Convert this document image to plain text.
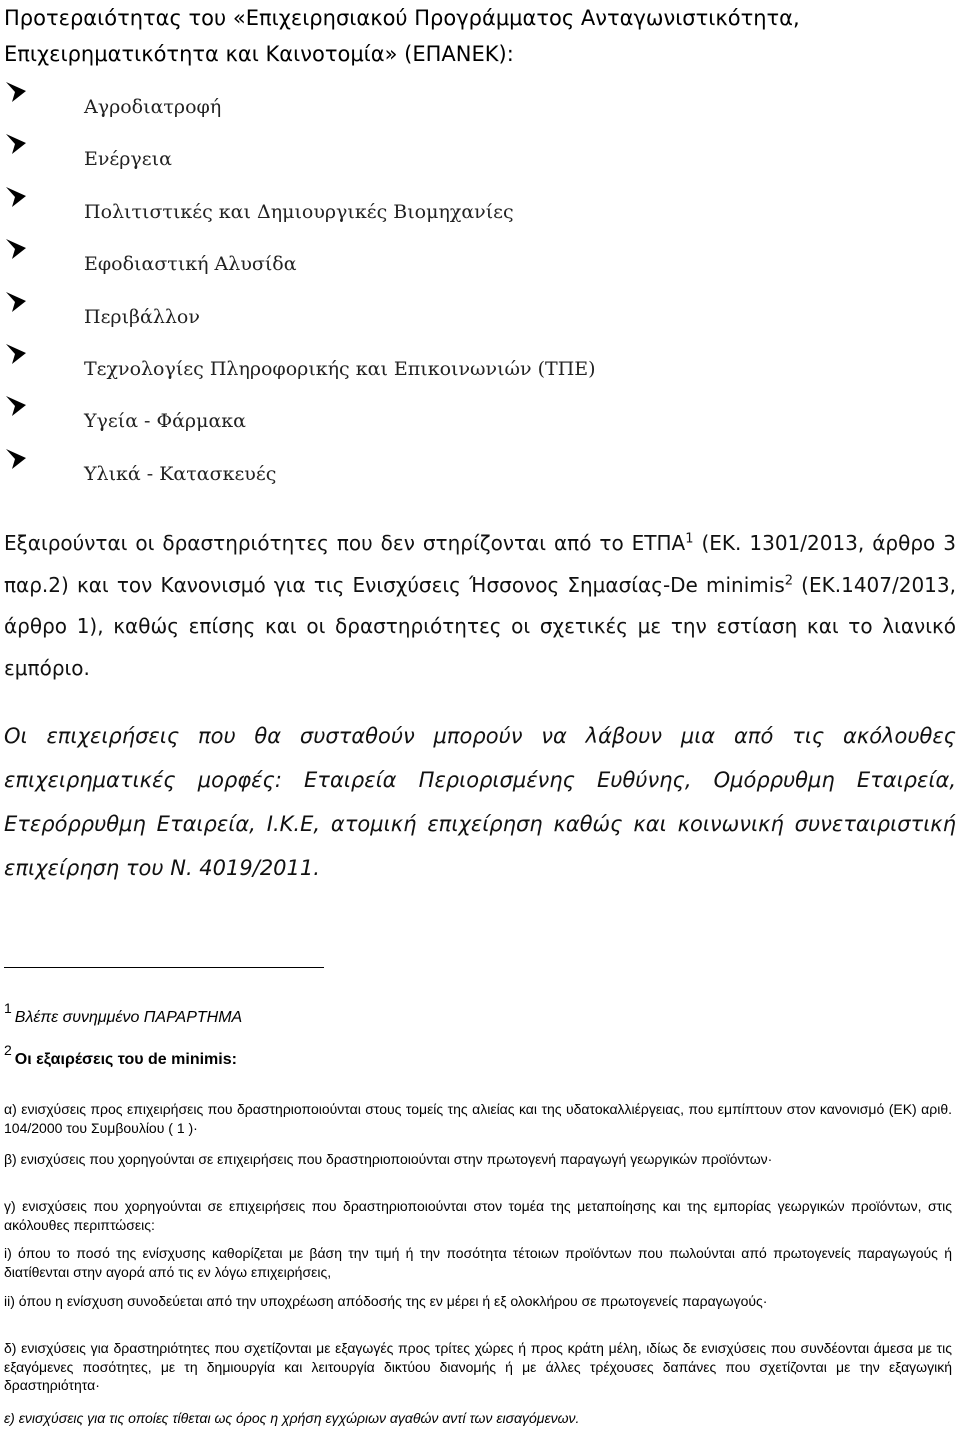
Προτεραιότητας του «Επιχειρησιακού Προγράμματος Ανταγωνιστικότητα,
Επιχειρηματικότητα και Καινοτομία» (ΕΠΑΝΕΚ):
Αγροδιατροφή
Ενέργεια
Πολιτιστικές και Δημιουργικές Βιομηχανίες
Εφοδιαστική Αλυσίδα
Περιβάλλον
Τεχνολογίες Πληροφορικής και Επικοινωνιών (ΤΠΕ)
Υγεία - Φάρμακα
Υλικά - Κατασκευές
Εξαιρούνται οι δραστηριότητες που δεν στηρίζονται από το ΕΤΠΑ$^1$ (ΕΚ. 1301/2013, άρθρο 3 παρ.2) και τον Κανονισμό για τις Ενισχύσεις Ήσσονος Σημασίας-De minimis$^2$ (ΕΚ.1407/2013, άρθρο 1), καθώς επίσης και οι δραστηριότητες οι σχετικές με την εστίαση και το λιανικό εμπόριο.
Οι επιχειρήσεις που θα συσταθούν μπορούν να λάβουν μια από τις ακόλουθες επιχειρηματικές μορφές: Εταιρεία Περιορισμένης Ευθύνης, Ομόρρυθμη Εταιρεία, Ετερόρρυθμη Εταιρεία, Ι.Κ.Ε, ατομική επιχείρηση καθώς και κοινωνική συνεταιριστική επιχείρηση του Ν. 4019/2011.
1Βλέπε συνημμένο ΠΑΡΑΡΤΗΜΑ
2Οι εξαιρέσεις του de minimis:
α) ενισχύσεις προς επιχειρήσεις που δραστηριοποιούνται στους τομείς της αλιείας και της υδατοκαλλιέργειας, που εμπίπτουν στον κανονισμό (ΕΚ) αριθ. 104/2000 του Συμβουλίου ( 1 )·
β) ενισχύσεις που χορηγούνται σε επιχειρήσεις που δραστηριοποιούνται στην πρωτογενή παραγωγή γεωργικών προϊόντων·
γ) ενισχύσεις που χορηγούνται σε επιχειρήσεις που δραστηριοποιούνται στον τομέα της μεταποίησης και της εμπορίας γεωργικών προϊόντων, στις ακόλουθες περιπτώσεις:
i) όπου το ποσό της ενίσχυσης καθορίζεται με βάση την τιμή ή την ποσότητα τέτοιων προϊόντων που πωλούνται από πρωτογενείς παραγωγούς ή διατίθενται στην αγορά από τις εν λόγω επιχειρήσεις,
ii) όπου η ενίσχυση συνοδεύεται από την υποχρέωση απόδοσής της εν μέρει ή εξ ολοκλήρου σε πρωτογενείς παραγωγούς·
δ) ενισχύσεις για δραστηριότητες που σχετίζονται με εξαγωγές προς τρίτες χώρες ή προς κράτη μέλη, ιδίως δε ενισχύσεις που συνδέονται άμεσα με τις εξαγόμενες ποσότητες, με τη δημιουργία και λειτουργία δικτύου διανομής ή με άλλες τρέχουσες δαπάνες που σχετίζονται με την εξαγωγική δραστηριότητα·
ε) ενισχύσεις για τις οποίες τίθεται ως όρος η χρήση εγχώριων αγαθών αντί των εισαγόμενων.
